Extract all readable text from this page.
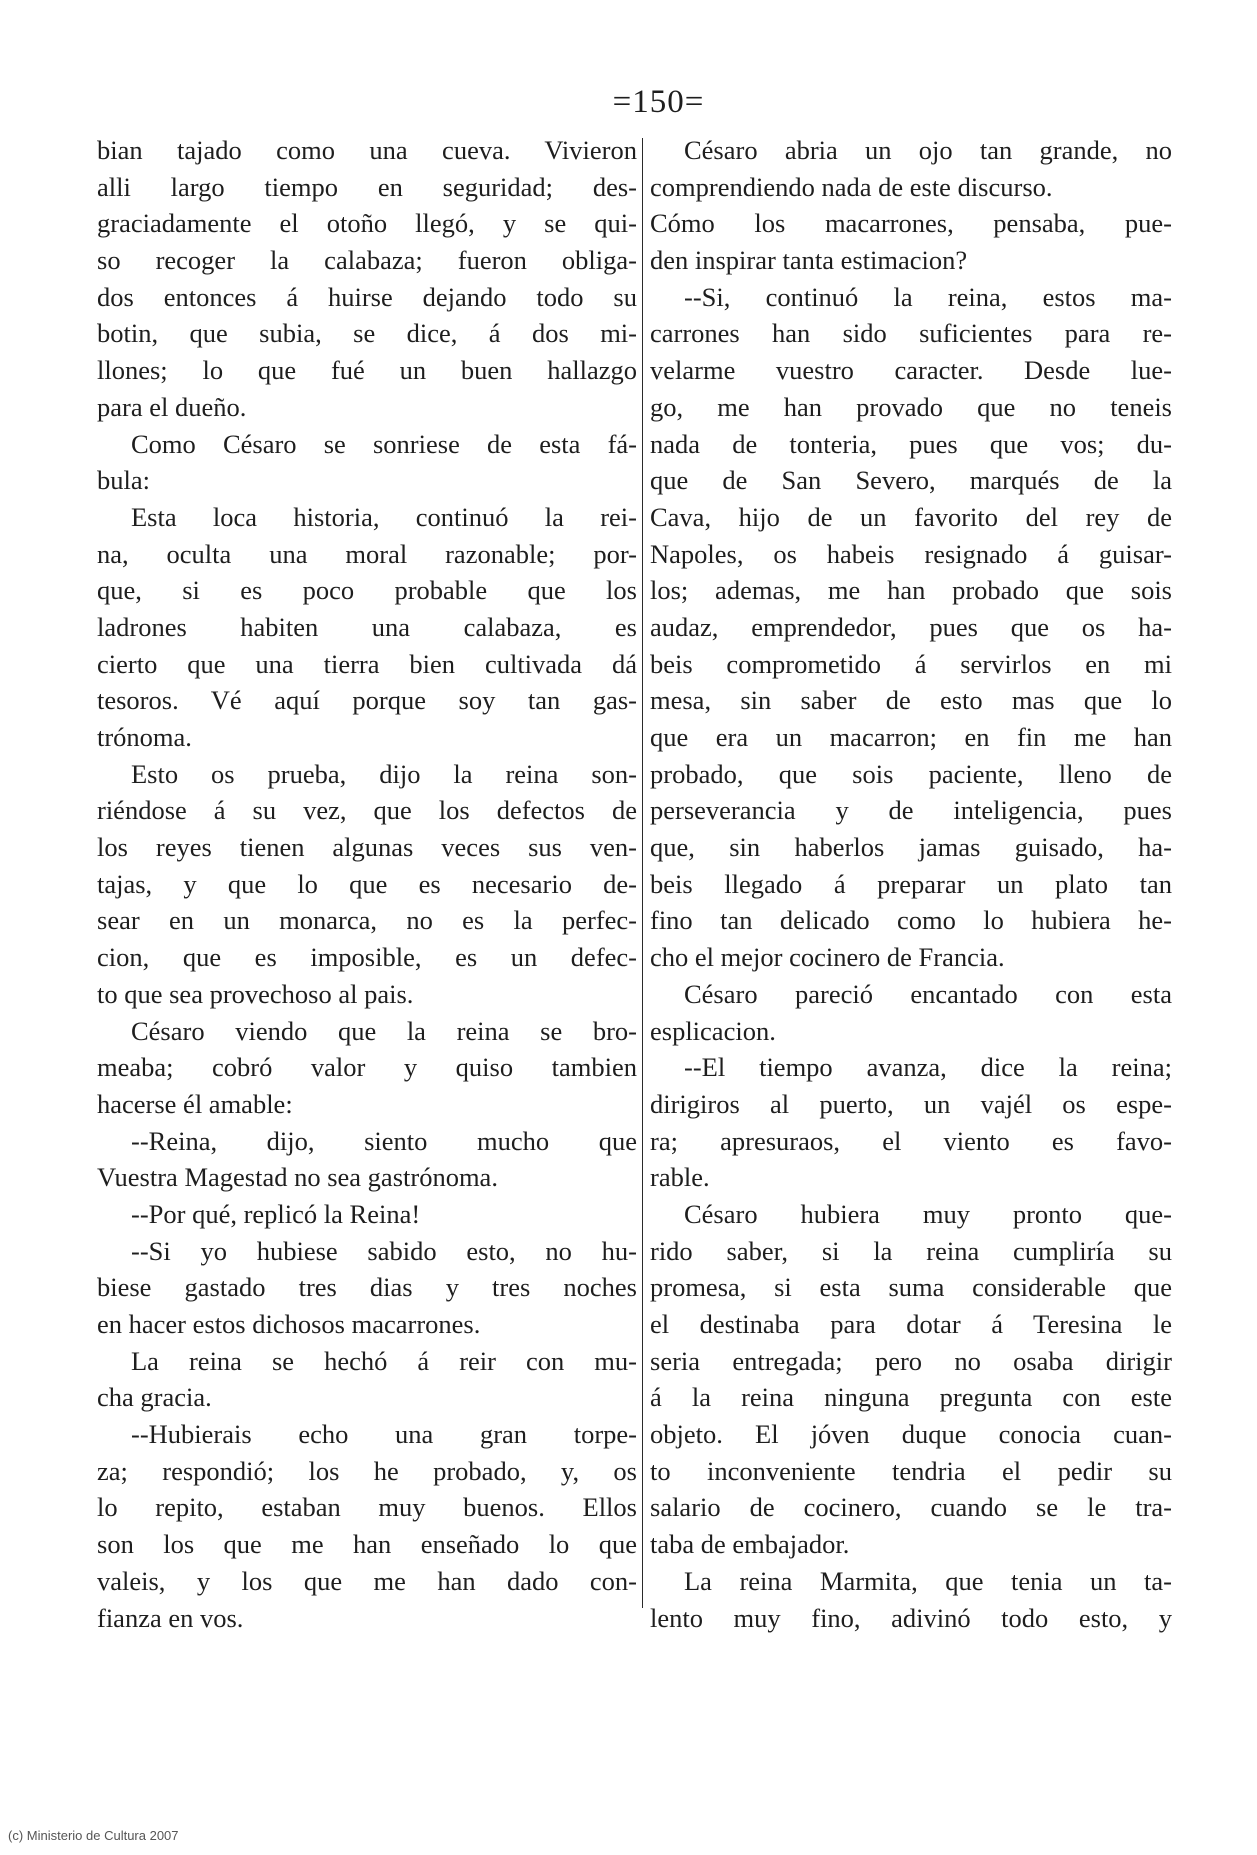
=150=
bian tajado como una cueva. Vivieron
alli largo tiempo en seguridad; des-
graciadamente el otoño llegó, y se qui-
so recoger la calabaza; fueron obliga-
dos entonces á huirse dejando todo su
botin, que subia, se dice, á dos mi-
llones; lo que fué un buen hallazgo
para el dueño.
Como Césaro se sonriese de esta fá-
bula:
Esta loca historia, continuó la rei-
na, oculta una moral razonable; por-
que, si es poco probable que los
ladrones habiten una calabaza, es
cierto que una tierra bien cultivada dá
tesoros. Vé aquí porque soy tan gas-
trónoma.
Esto os prueba, dijo la reina son-
riéndose á su vez, que los defectos de
los reyes tienen algunas veces sus ven-
tajas, y que lo que es necesario de-
sear en un monarca, no es la perfec-
cion, que es imposible, es un defec-
to que sea provechoso al pais.
Césaro viendo que la reina se bro-
meaba; cobró valor y quiso tambien
hacerse él amable:
--Reina, dijo, siento mucho que
Vuestra Magestad no sea gastrónoma.
--Por qué, replicó la Reina!
--Si yo hubiese sabido esto, no hu-
biese gastado tres dias y tres noches
en hacer estos dichosos macarrones.
La reina se hechó á reir con mu-
cha gracia.
--Hubierais echo una gran torpe-
za; respondió; los he probado, y, os
lo repito, estaban muy buenos. Ellos
son los que me han enseñado lo que
valeis, y los que me han dado con-
fianza en vos.
Césaro abria un ojo tan grande, no
comprendiendo nada de este discurso.
Cómo los macarrones, pensaba, pue-
den inspirar tanta estimacion?
--Si, continuó la reina, estos ma-
carrones han sido suficientes para re-
velarme vuestro caracter. Desde lue-
go, me han provado que no teneis
nada de tonteria, pues que vos; du-
que de San Severo, marqués de la
Cava, hijo de un favorito del rey de
Napoles, os habeis resignado á guisar-
los; ademas, me han probado que sois
audaz, emprendedor, pues que os ha-
beis comprometido á servirlos en mi
mesa, sin saber de esto mas que lo
que era un macarron; en fin me han
probado, que sois paciente, lleno de
perseverancia y de inteligencia, pues
que, sin haberlos jamas guisado, ha-
beis llegado á preparar un plato tan
fino tan delicado como lo hubiera he-
cho el mejor cocinero de Francia.
Césaro pareció encantado con esta
esplicacion.
--El tiempo avanza, dice la reina;
dirigiros al puerto, un vajél os espe-
ra; apresuraos, el viento es favo-
rable.
Césaro hubiera muy pronto que-
rido saber, si la reina cumpliría su
promesa, si esta suma considerable que
el destinaba para dotar á Teresina le
seria entregada; pero no osaba dirigir
á la reina ninguna pregunta con este
objeto. El jóven duque conocia cuan-
to inconveniente tendria el pedir su
salario de cocinero, cuando se le tra-
taba de embajador.
La reina Marmita, que tenia un ta-
lento muy fino, adivinó todo esto, y
(c) Ministerio de Cultura 2007
